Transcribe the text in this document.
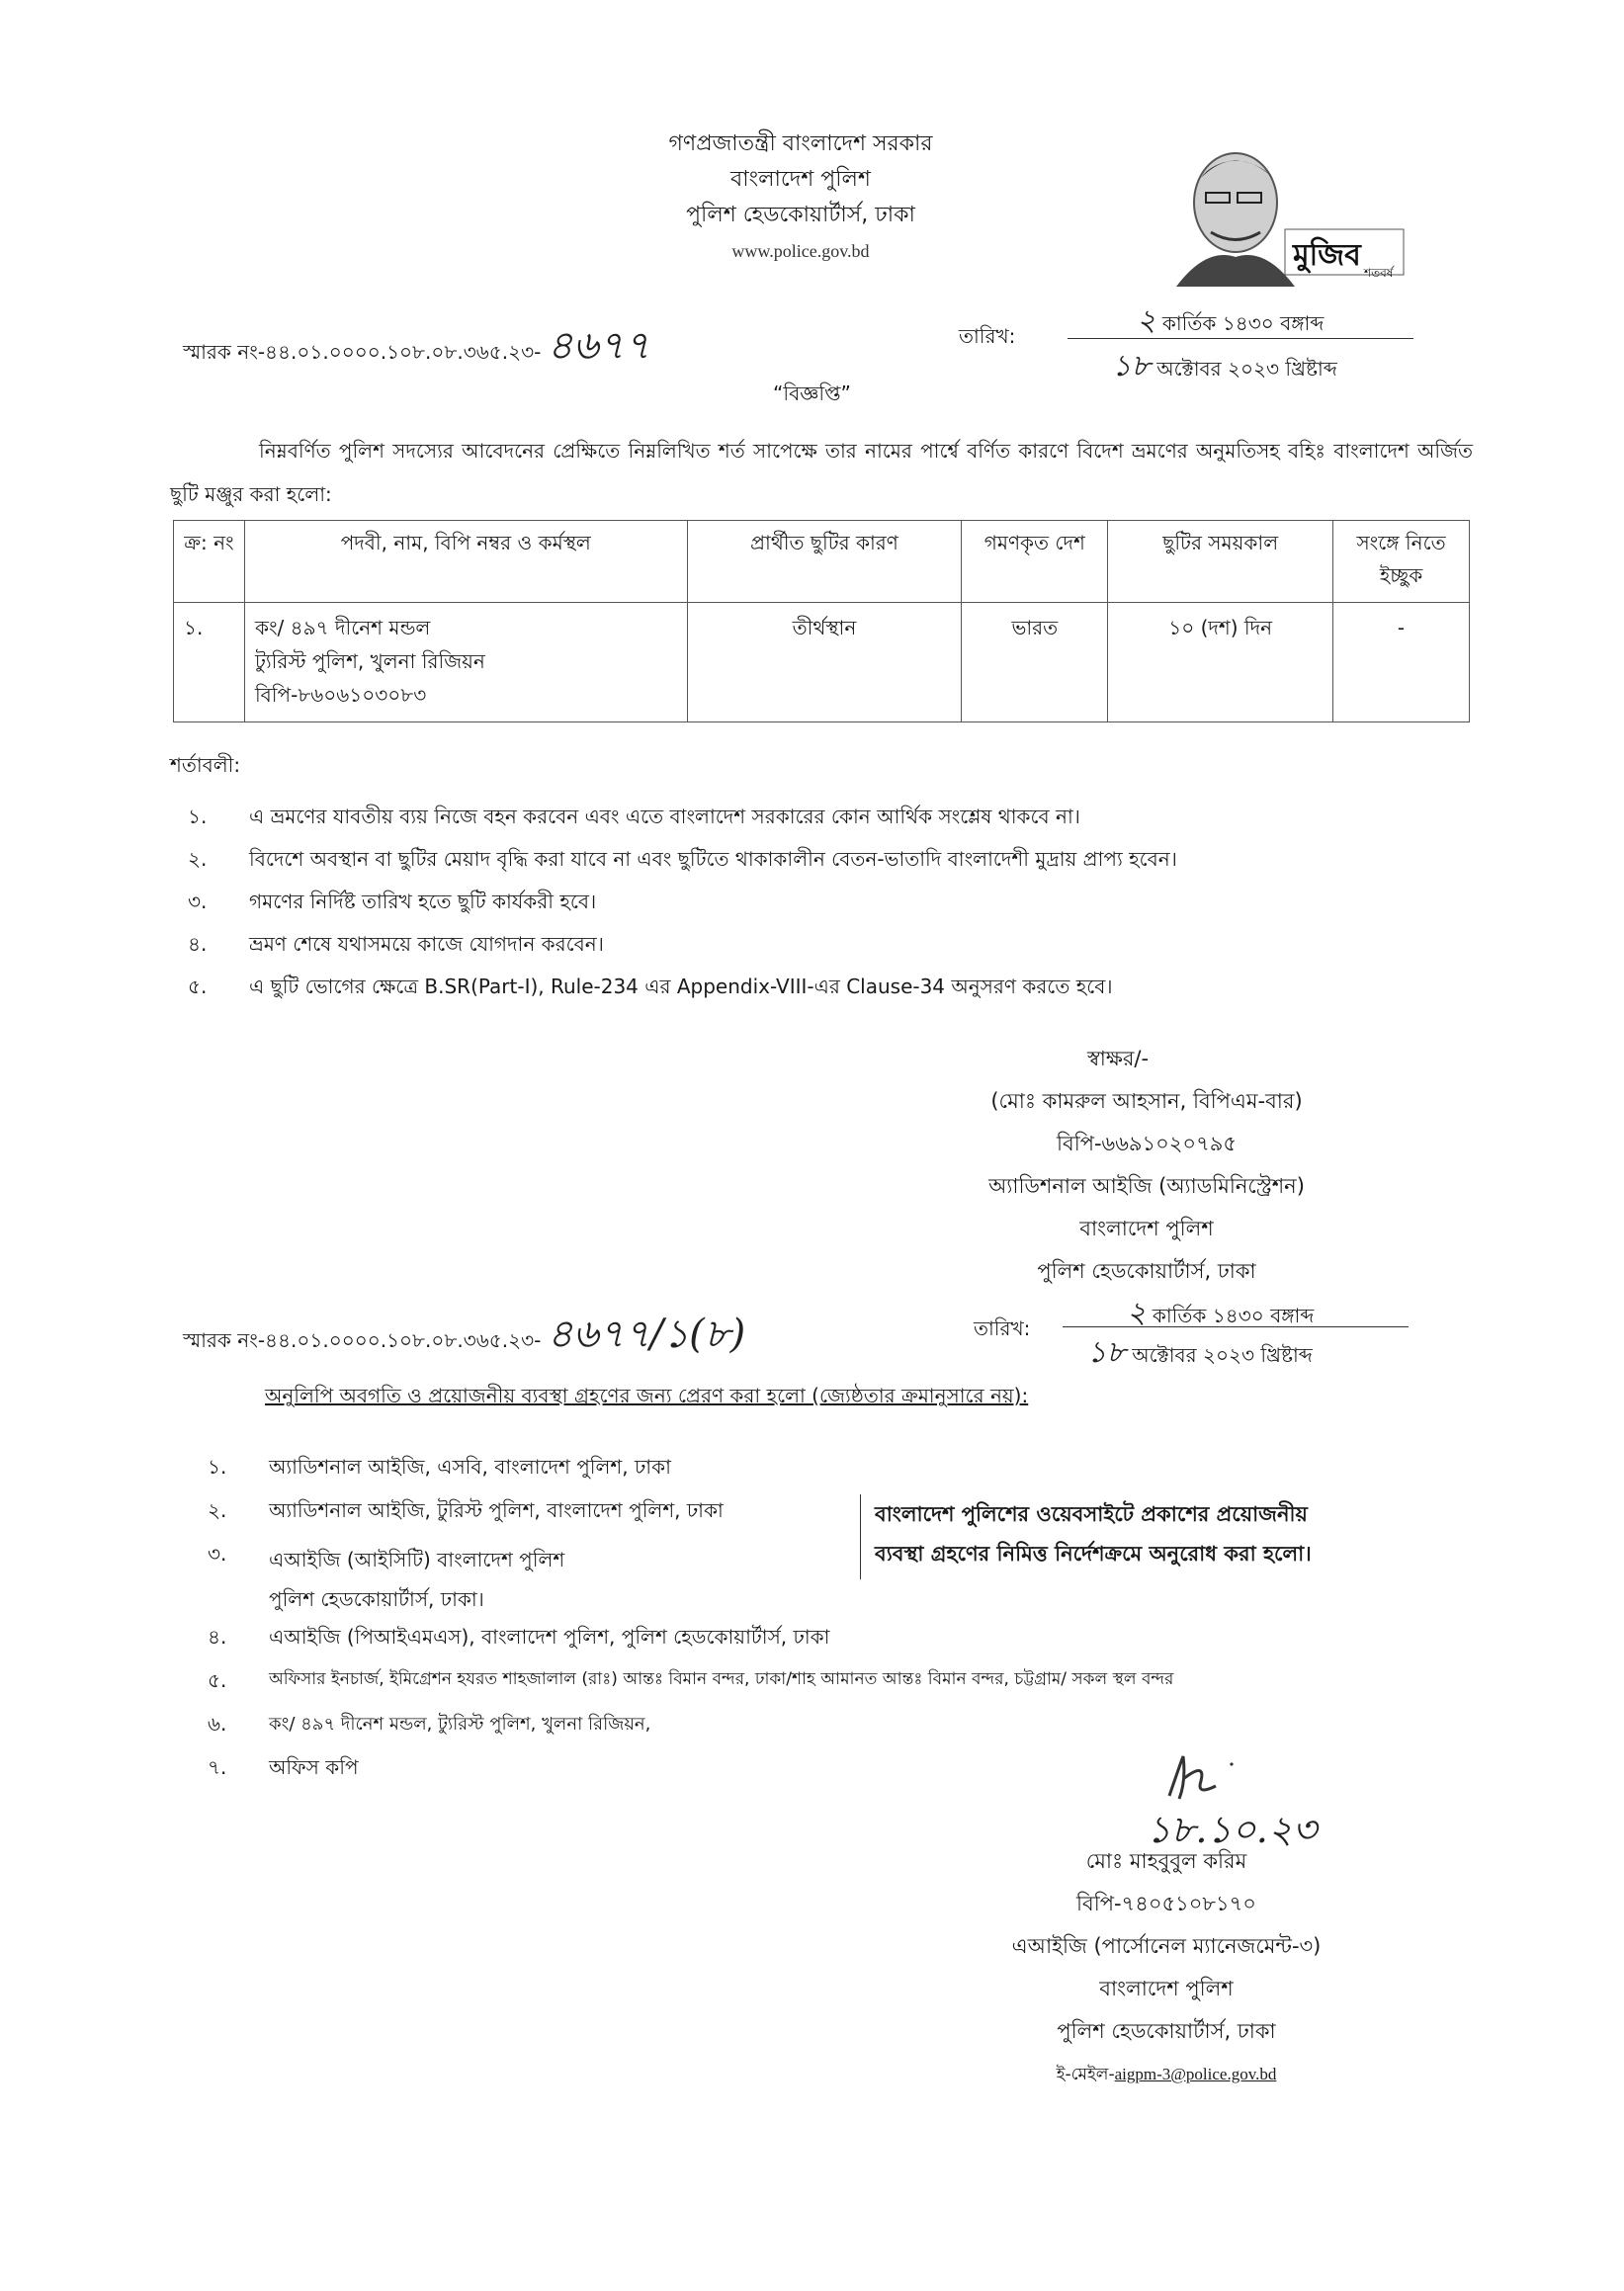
গণপ্রজাতন্ত্রী বাংলাদেশ সরকার
বাংলাদেশ পুলিশ
পুলিশ হেডকোয়ার্টার্স, ঢাকা
www.police.gov.bd	মুজিব শতবর্ষ
স্মারক নং-৪৪.০১.০০০০.১০৮.০৮.৩৬৫.২৩- ৪৬৭৭	তারিখ:	২ কার্তিক ১৪৩০ বঙ্গাব্দ
১৮ অক্টোবর ২০২৩ খ্রিষ্টাব্দ
“বিজ্ঞপ্তি”
নিম্নবর্ণিত পুলিশ সদস্যের আবেদনের প্রেক্ষিতে নিম্নলিখিত শর্ত সাপেক্ষে তার নামের পার্শ্বে বর্ণিত কারণে বিদেশ ভ্রমণের অনুমতিসহ বহিঃ বাংলাদেশ অর্জিত ছুটি মঞ্জুর করা হলো:
ক্র: নং	পদবী, নাম, বিপি নম্বর ও কর্মস্থল	প্রার্থীত ছুটির কারণ	গমণকৃত দেশ	ছুটির সময়কাল	সংঙ্গে নিতে ইচ্ছুক
১.	কং/ ৪৯৭ দীনেশ মন্ডল
ট্যুরিস্ট পুলিশ, খুলনা রিজিয়ন
বিপি-৮৬০৬১০৩০৮৩	তীর্থস্থান	ভারত	১০ (দশ) দিন	-
শর্তাবলী:
১.	এ ভ্রমণের যাবতীয় ব্যয় নিজে বহন করবেন এবং এতে বাংলাদেশ সরকারের কোন আর্থিক সংশ্লেষ থাকবে না।
২.	বিদেশে অবস্থান বা ছুটির মেয়াদ বৃদ্ধি করা যাবে না এবং ছুটিতে থাকাকালীন বেতন-ভাতাদি বাংলাদেশী মুদ্রায় প্রাপ্য হবেন।
৩.	গমণের নির্দিষ্ট তারিখ হতে ছুটি কার্যকরী হবে।
৪.	ভ্রমণ শেষে যথাসময়ে কাজে যোগদান করবেন।
৫.	এ ছুটি ভোগের ক্ষেত্রে B.SR(Part-I), Rule-234 এর Appendix-VIII-এর Clause-34 অনুসরণ করতে হবে।
স্বাক্ষর/-
(মোঃ কামরুল আহসান, বিপিএম-বার)
বিপি-৬৬৯১০২০৭৯৫
অ্যাডিশনাল আইজি (অ্যাডমিনিস্ট্রেশন)
বাংলাদেশ পুলিশ
পুলিশ হেডকোয়ার্টার্স, ঢাকা
স্মারক নং-৪৪.০১.০০০০.১০৮.০৮.৩৬৫.২৩- ৪৬৭৭/১(৮)	তারিখ:	২ কার্তিক ১৪৩০ বঙ্গাব্দ
১৮ অক্টোবর ২০২৩ খ্রিষ্টাব্দ
অনুলিপি অবগতি ও প্রয়োজনীয় ব্যবস্থা গ্রহণের জন্য প্রেরণ করা হলো (জ্যেষ্ঠতার ক্রমানুসারে নয়):
১.	অ্যাডিশনাল আইজি, এসবি, বাংলাদেশ পুলিশ, ঢাকা
২.	অ্যাডিশনাল আইজি, টুরিস্ট পুলিশ, বাংলাদেশ পুলিশ, ঢাকা
৩.	এআইজি (আইসিটি) বাংলাদেশ পুলিশ
পুলিশ হেডকোয়ার্টার্স, ঢাকা।
৪.	এআইজি (পিআইএমএস), বাংলাদেশ পুলিশ, পুলিশ হেডকোয়ার্টার্স, ঢাকা
৫.	অফিসার ইনচার্জ, ইমিগ্রেশন হযরত শাহজালাল (রাঃ) আন্তঃ বিমান বন্দর, ঢাকা/শাহ আমানত আন্তঃ বিমান বন্দর, চট্টগ্রাম/ সকল স্থল বন্দর
৬.	কং/ ৪৯৭ দীনেশ মন্ডল, ট্যুরিস্ট পুলিশ, খুলনা রিজিয়ন,
৭.	অফিস কপি
বাংলাদেশ পুলিশের ওয়েবসাইটে প্রকাশের প্রয়োজনীয়
ব্যবস্থা গ্রহণের নিমিত্ত নির্দেশক্রমে অনুরোধ করা হলো।
১৮.১০.২৩
মোঃ মাহবুবুল করিম
বিপি-৭৪০৫১০৮১৭০
এআইজি (পার্সোনেল ম্যানেজমেন্ট-৩)
বাংলাদেশ পুলিশ
পুলিশ হেডকোয়ার্টার্স, ঢাকা
ই-মেইল-aigpm-3@police.gov.bd
